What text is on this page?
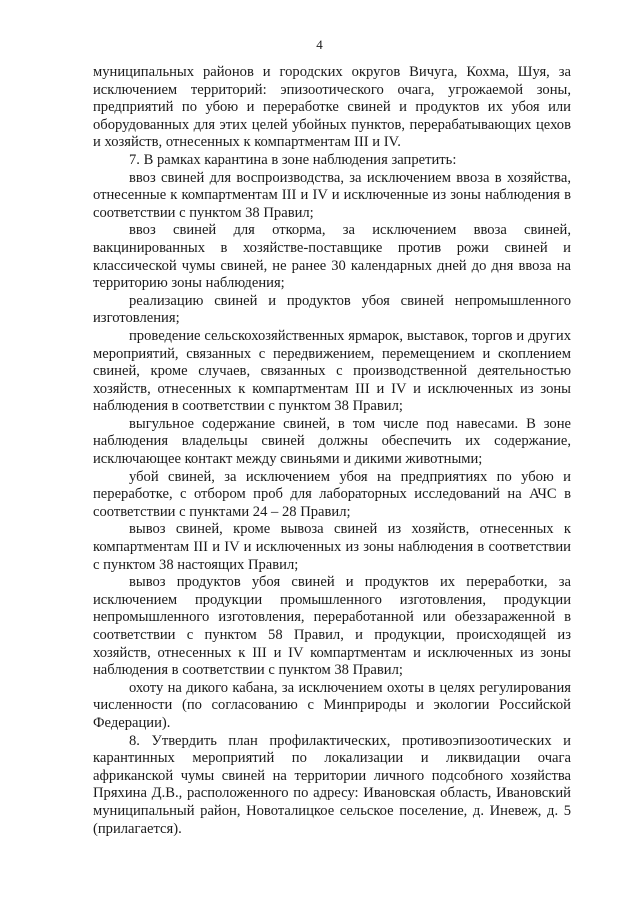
4

муниципальных районов и городских округов Вичуга, Кохма, Шуя, за исключением территорий: эпизоотического очага, угрожаемой зоны, предприятий по убою и переработке свиней и продуктов их убоя или оборудованных для этих целей убойных пунктов, перерабатывающих цехов и хозяйств, отнесенных к компартментам III и IV.

7. В рамках карантина в зоне наблюдения запретить:

ввоз свиней для воспроизводства, за исключением ввоза в хозяйства, отнесенные к компартментам III и IV и исключенные из зоны наблюдения в соответствии с пунктом 38 Правил;

ввоз свиней для откорма, за исключением ввоза свиней, вакцинированных в хозяйстве-поставщике против рожи свиней и классической чумы свиней, не ранее 30 календарных дней до дня ввоза на территорию зоны наблюдения;

реализацию свиней и продуктов убоя свиней непромышленного изготовления;

проведение сельскохозяйственных ярмарок, выставок, торгов и других мероприятий, связанных с передвижением, перемещением и скоплением свиней, кроме случаев, связанных с производственной деятельностью хозяйств, отнесенных к компартментам III и IV и исключенных из зоны наблюдения в соответствии с пунктом 38 Правил;

выгульное содержание свиней, в том числе под навесами. В зоне наблюдения владельцы свиней должны обеспечить их содержание, исключающее контакт между свиньями и дикими животными;

убой свиней, за исключением убоя на предприятиях по убою и переработке, с отбором проб для лабораторных исследований на АЧС в соответствии с пунктами 24 – 28 Правил;

вывоз свиней, кроме вывоза свиней из хозяйств, отнесенных к компартментам III и IV и исключенных из зоны наблюдения в соответствии с пунктом 38 настоящих Правил;

вывоз продуктов убоя свиней и продуктов их переработки, за исключением продукции промышленного изготовления, продукции непромышленного изготовления, переработанной или обеззараженной в соответствии с пунктом 58 Правил, и продукции, происходящей из хозяйств, отнесенных к III и IV компартментам и исключенных из зоны наблюдения в соответствии с пунктом 38 Правил;

охоту на дикого кабана, за исключением охоты в целях регулирования численности (по согласованию с Минприроды и экологии Российской Федерации).

8. Утвердить план профилактических, противоэпизоотических и карантинных мероприятий по локализации и ликвидации очага африканской чумы свиней на территории личного подсобного хозяйства Пряхина Д.В., расположенного по адресу: Ивановская область, Ивановский муниципальный район, Новоталицкое сельское поселение, д. Иневеж, д. 5 (прилагается).
